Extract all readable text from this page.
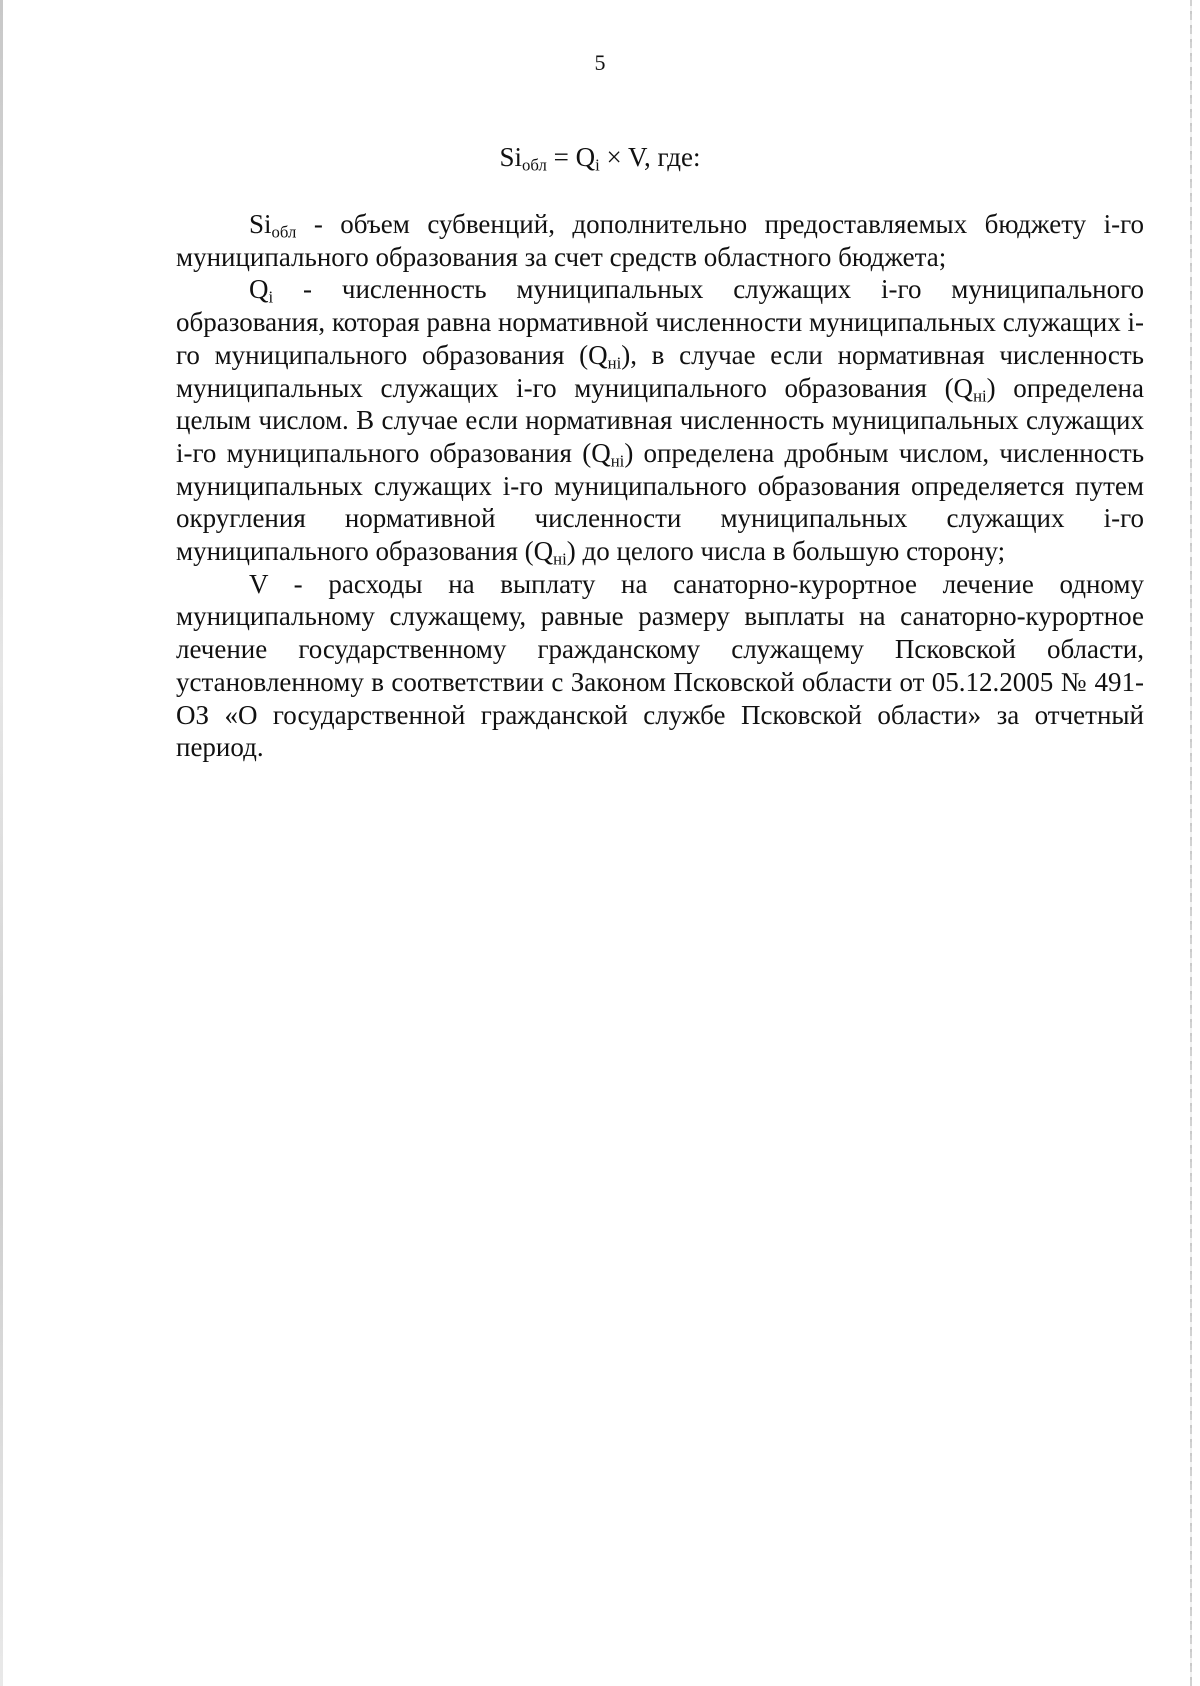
5
$Si_{обл} = Q_i \times V$, где:

$Si_{обл}$ - объем субвенций, дополнительно предоставляемых бюджету i-го муниципального образования за счет средств областного бюджета;

$Q_i$ - численность муниципальных служащих i-го муниципального образования, которая равна нормативной численности муниципальных служащих i-го муниципального образования $(Q_{нi})$, в случае если нормативная численность муниципальных служащих i-го муниципального образования $(Q_{нi})$ определена целым числом. В случае если нормативная численность муниципальных служащих i-го муниципального образования $(Q_{нi})$ определена дробным числом, численность муниципальных служащих i-го муниципального образования определяется путем округления нормативной численности муниципальных служащих i-го муниципального образования $(Q_{нi})$ до целого числа в большую сторону;

V - расходы на выплату на санаторно-курортное лечение одному муниципальному служащему, равные размеру выплаты на санаторно-курортное лечение государственному гражданскому служащему Псковской области, установленному в соответствии с Законом Псковской области от 05.12.2005 № 491-ОЗ «О государственной гражданской службе Псковской области» за отчетный период.
